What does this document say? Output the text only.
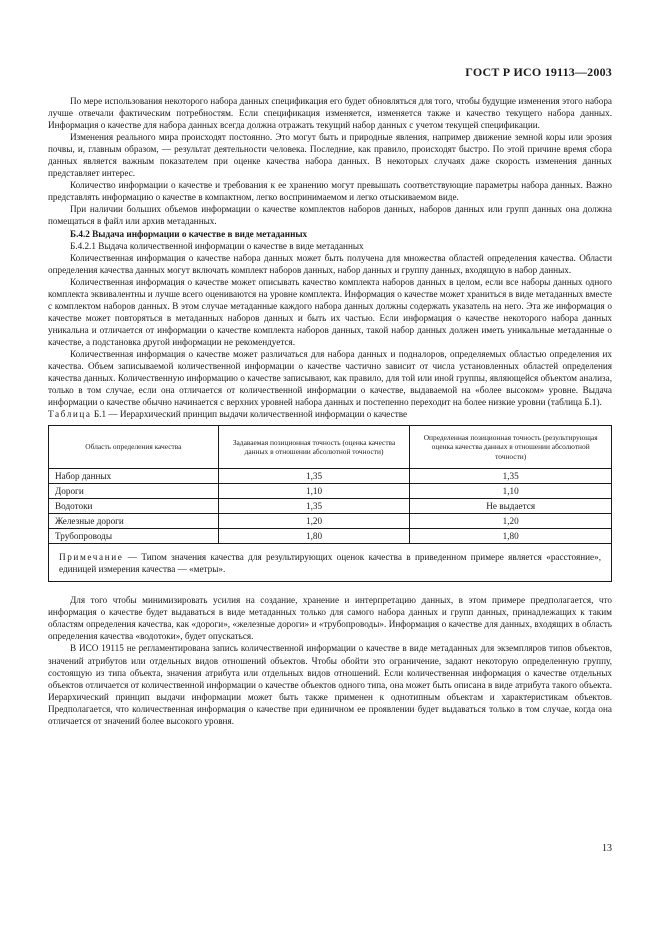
ГОСТ Р ИСО 19113—2003

По мере использования некоторого набора данных спецификация его будет обновляться для того, чтобы будущие изменения этого набора лучше отвечали фактическим потребностям. Если спецификация изменяется, изменяется также и качество текущего набора данных. Информация о качестве для набора данных всегда должна отражать текущий набор данных с учетом текущей спецификации.

Изменения реального мира происходят постоянно. Это могут быть и природные явления, например движение земной коры или эрозия почвы, и, главным образом, — результат деятельности человека. Последние, как правило, происходят быстро. По этой причине время сбора данных является важным показателем при оценке качества набора данных. В некоторых случаях даже скорость изменения данных представляет интерес.

Количество информации о качестве и требования к ее хранению могут превышать соответствующие параметры набора данных. Важно представлять информацию о качестве в компактном, легко воспринимаемом и легко отыскиваемом виде.

При наличии больших объемов информации о качестве комплектов наборов данных, наборов данных или групп данных она должна помещаться в файл или архив метаданных.

Б.4.2 Выдача информации о качестве в виде метаданных

Б.4.2.1 Выдача количественной информации о качестве в виде метаданных

Количественная информация о качестве набора данных может быть получена для множества областей определения качества. Области определения качества данных могут включать комплект наборов данных, набор данных и группу данных, входящую в набор данных.

Количественная информация о качестве может описывать качество комплекта наборов данных в целом, если все наборы данных одного комплекта эквивалентны и лучше всего оцениваются на уровне комплекта. Информация о качестве может храниться в виде метаданных вместе с комплектом наборов данных. В этом случае метаданные каждого набора данных должны содержать указатель на него. Эта же информация о качестве может повторяться в метаданных наборов данных и быть их частью. Если информация о качестве некоторого набора данных уникальна и отличается от информации о качестве комплекта наборов данных, такой набор данных должен иметь уникальные метаданные о качестве, а подстановка другой информации не рекомендуется.

Количественная информация о качестве может различаться для набора данных и подналоров, определяемых областью определения их качества. Объем записываемой количественной информации о качестве частично зависит от числа установленных областей определения качества данных. Количественную информацию о качестве записывают, как правило, для той или иной группы, являющейся объектом анализа, только в том случае, если она отличается от количественной информации о качестве, выдаваемой на «более высоком» уровне. Выдача информации о качестве обычно начинается с верхних уровней набора данных и постепенно переходит на более низкие уровни (таблица Б.1).

Таблица Б.1 — Иерархический принцип выдачи количественной информации о качестве

Область определения качества	Задаваемая позиционная точность (оценка качества данных в отношении абсолютной точности)	Определенная позиционная точность (результирующая оценка качества данных в отношении абсолютной точности)
Набор данных	1,35	1,35
Дороги	1,10	1,10
Водотоки	1,35	Не выдается
Железные дороги	1,20	1,20
Трубопроводы	1,80	1,80
Примечание — Типом значения качества для результирующих оценок качества в приведенном примере является «расстояние», единицей измерения качества — «метры».		

Для того чтобы минимизировать усилия на создание, хранение и интерпретацию данных, в этом примере предполагается, что информация о качестве будет выдаваться в виде метаданных только для самого набора данных и групп данных, принадлежащих к таким областям определения качества, как «дороги», «железные дороги» и «трубопроводы». Информация о качестве для данных, входящих в область определения качества «водотоки», будет опускаться.

В ИСО 19115 не регламентирована запись количественной информации о качестве в виде метаданных для экземпляров типов объектов, значений атрибутов или отдельных видов отношений объектов. Чтобы обойти это ограничение, задают некоторую определенную группу, состоящую из типа объекта, значения атрибута или отдельных видов отношений. Если количественная информация о качестве отдельных объектов отличается от количественной информации о качестве объектов одного типа, она может быть описана в виде атрибута такого объекта. Иерархический принцип выдачи информации может быть также применен к однотипным объектам и характеристикам объектов. Предполагается, что количественная информация о качестве при единичном ее проявлении будет выдаваться только в том случае, когда она отличается от значений более высокого уровня.

13
